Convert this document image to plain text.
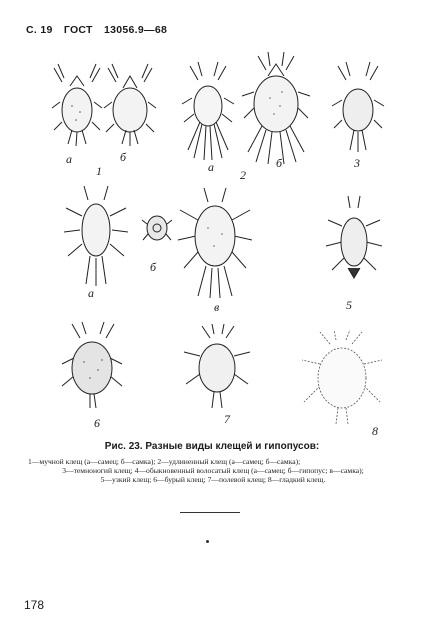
С. 19 ГОСТ 13056.9—68
а	б
1	а	б
2
3
а
б
в	5
6	7
8
Рис. 23. Разные виды клещей и гипопусов:
1—мучной клещ (а—самец; б—самка); 2—удлиненный клещ (а—самец; б—самка);
3—темноногий клещ; 4—обыкновенный волосатый клещ (а—самец; б—гипопус; в—самка);
5—узкий клещ; 6—бурый клещ; 7—полевой клещ; 8—гладкий клещ.
178
